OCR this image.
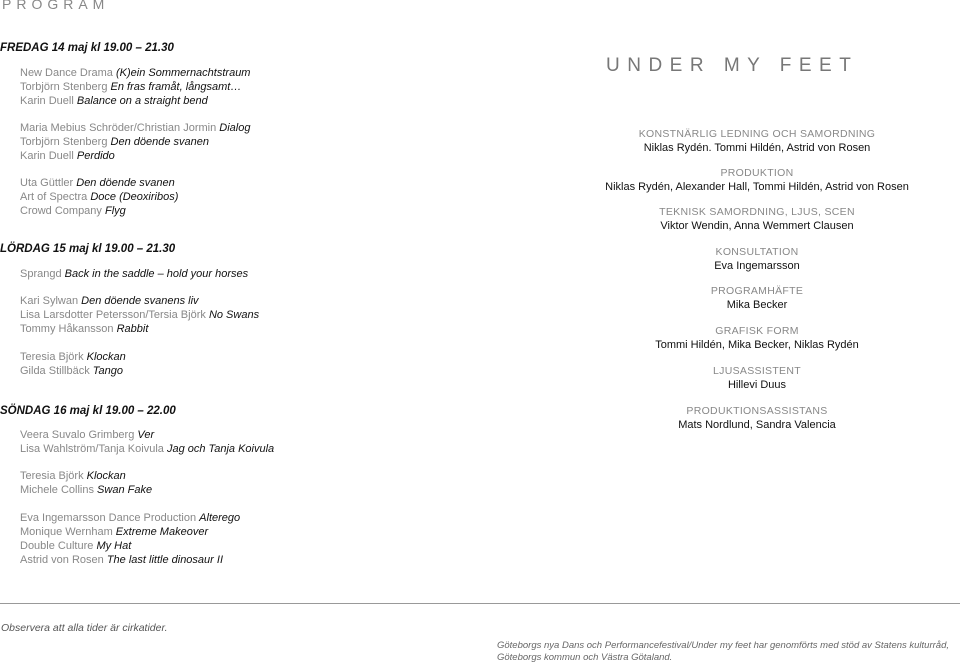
PROGRAM
FREDAG 14 maj kl 19.00 – 21.30
New Dance Drama (K)ein Sommernachtstraum
Torbjörn Stenberg En fras framåt, långsamt…
Karin Duell Balance on a straight bend
Maria Mebius Schröder/Christian Jormin Dialog
Torbjörn Stenberg Den döende svanen
Karin Duell Perdido
Uta Güttler Den döende svanen
Art of Spectra Doce (Deoxiribos)
Crowd Company Flyg
LÖRDAG 15 maj kl 19.00 – 21.30
Sprangd Back in the saddle – hold your horses
Kari Sylwan Den döende svanens liv
Lisa Larsdotter Petersson/Tersia Björk No Swans
Tommy Håkansson Rabbit
Teresia Björk Klockan
Gilda Stillbäck Tango
SÖNDAG 16 maj kl 19.00 – 22.00
Veera Suvalo Grimberg Ver
Lisa Wahlström/Tanja Koivula Jag och Tanja Koivula
Teresia Björk Klockan
Michele Collins Swan Fake
Eva Ingemarsson Dance Production Alterego
Monique Wernham Extreme Makeover
Double Culture My Hat
Astrid von Rosen The last little dinosaur II
UNDER MY FEET
KONSTNÄRLIG LEDNING OCH SAMORDNING
Niklas Rydén. Tommi Hildén, Astrid von Rosen
PRODUKTION
Niklas Rydén, Alexander Hall, Tommi Hildén, Astrid von Rosen
TEKNISK SAMORDNING, LJUS, SCEN
Viktor Wendin, Anna Wemmert Clausen
KONSULTATION
Eva Ingemarsson
PROGRAMHÄFTE
Mika Becker
GRAFISK FORM
Tommi Hildén, Mika Becker, Niklas Rydén
LJUSASSISTENT
Hillevi Duus
PRODUKTIONSASSISTANS
Mats Nordlund, Sandra Valencia
Observera att alla tider är cirkatider.
Göteborgs nya Dans och Performancefestival/Under my feet har genomförts med stöd av Statens kulturråd, Göteborgs kommun och Västra Götaland.
